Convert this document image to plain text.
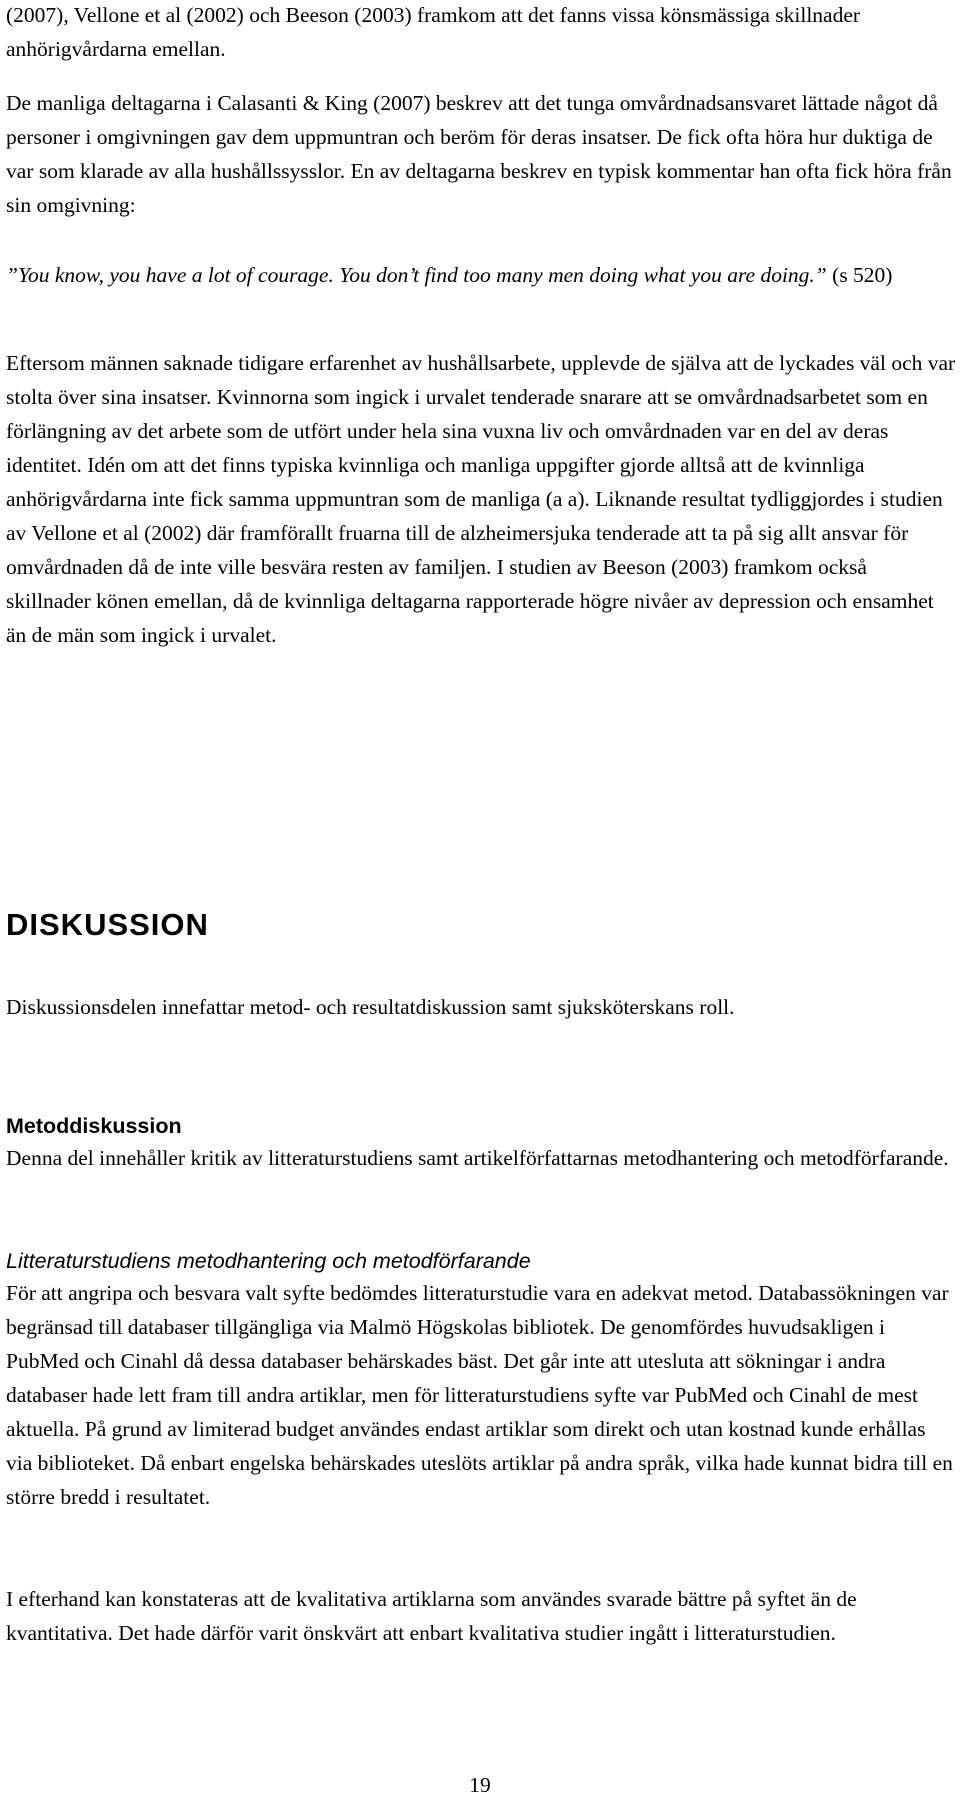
(2007), Vellone et al (2002) och Beeson (2003) framkom att det fanns vissa könsmässiga skillnader anhörigvårdarna emellan.

De manliga deltagarna i Calasanti & King (2007) beskrev att det tunga omvårdnadsansvaret lättade något då personer i omgivningen gav dem uppmuntran och beröm för deras insatser. De fick ofta höra hur duktiga de var som klarade av alla hushållssysslor. En av deltagarna beskrev en typisk kommentar han ofta fick höra från sin omgivning:

”You know, you have a lot of courage. You don’t find too many men doing what you are doing.” (s 520)

Eftersom männen saknade tidigare erfarenhet av hushållsarbete, upplevde de själva att de lyckades väl och var stolta över sina insatser. Kvinnorna som ingick i urvalet tenderade snarare att se omvårdnadsarbetet som en förlängning av det arbete som de utfört under hela sina vuxna liv och omvårdnaden var en del av deras identitet. Idén om att det finns typiska kvinnliga och manliga uppgifter gjorde alltså att de kvinnliga anhörigvårdarna inte fick samma uppmuntran som de manliga (a a). Liknande resultat tydliggjordes i studien av Vellone et al (2002) där framförallt fruarna till de alzheimersjuka tenderade att ta på sig allt ansvar för omvårdnaden då de inte ville besvära resten av familjen. I studien av Beeson (2003) framkom också skillnader könen emellan, då de kvinnliga deltagarna rapporterade högre nivåer av depression och ensamhet än de män som ingick i urvalet.

DISKUSSION

Diskussionsdelen innefattar metod- och resultatdiskussion samt sjuksköterskans roll.

Metoddiskussion

Denna del innehåller kritik av litteraturstudiens samt artikelförfattarnas metodhantering och metodförfarande.

Litteraturstudiens metodhantering och metodförfarande

För att angripa och besvara valt syfte bedömdes litteraturstudie vara en adekvat metod. Databassökningen var begränsad till databaser tillgängliga via Malmö Högskolas bibliotek. De genomfördes huvudsakligen i PubMed och Cinahl då dessa databaser behärskades bäst. Det går inte att utesluta att sökningar i andra databaser hade lett fram till andra artiklar, men för litteraturstudiens syfte var PubMed och Cinahl de mest aktuella. På grund av limiterad budget användes endast artiklar som direkt och utan kostnad kunde erhållas via biblioteket. Då enbart engelska behärskades uteslöts artiklar på andra språk, vilka hade kunnat bidra till en större bredd i resultatet.

I efterhand kan konstateras att de kvalitativa artiklarna som användes svarade bättre på syftet än de kvantitativa. Det hade därför varit önskvärt att enbart kvalitativa studier ingått i litteraturstudien.

19
